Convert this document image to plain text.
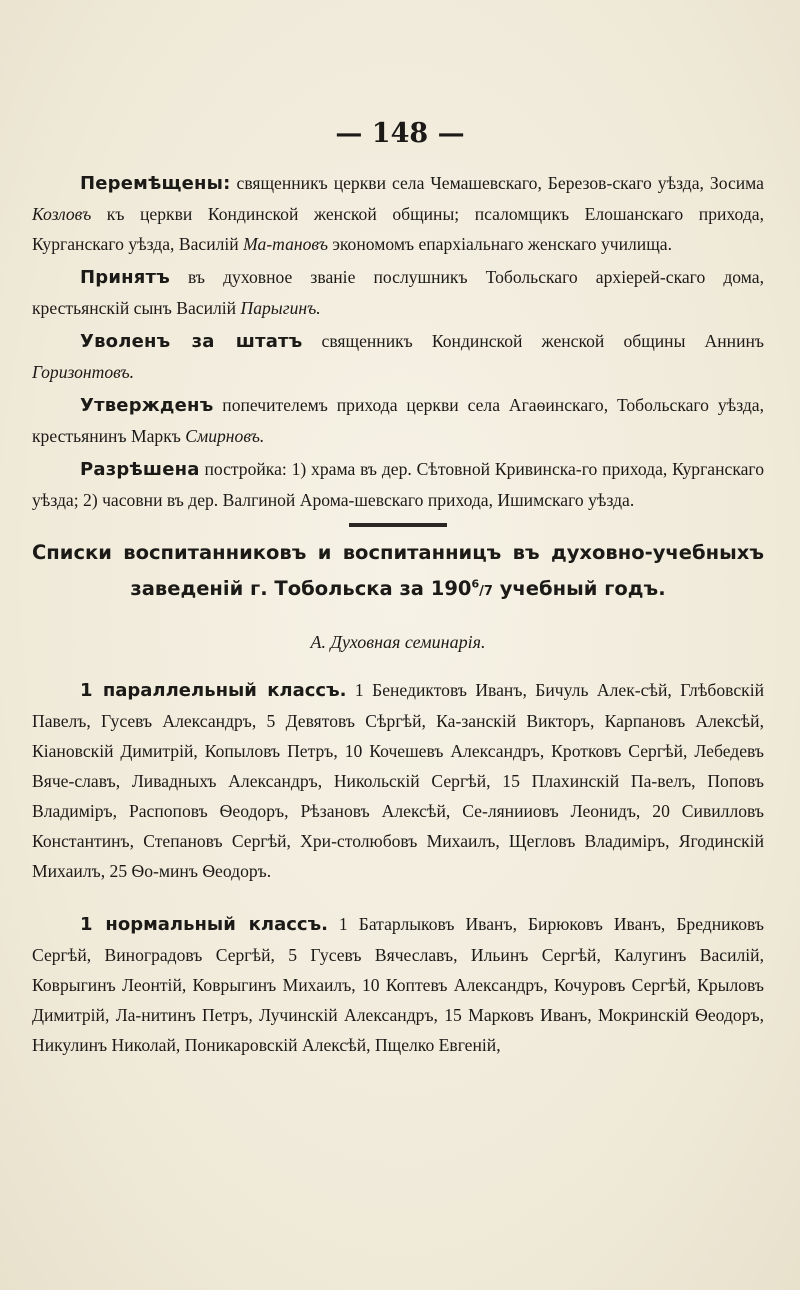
— 148 —

Перемѣщены: священникъ церкви села Чемашевскаго, Березов-скаго уѣзда, Зосима Козловъ къ церкви Кондинской женской общины; псаломщикъ Елошанскаго прихода, Курганскаго уѣзда, Василій Ма-тановъ экономомъ епархіальнаго женскаго училища.

Принятъ въ духовное званіе послушникъ Тобольскаго архіерей-скаго дома, крестьянскій сынъ Василій Парыгинъ.

Уволенъ за штатъ священникъ Кондинской женской общины Аннинъ Горизонтовъ.

Утвержденъ попечителемъ прихода церкви села Агаѳинскаго, Тобольскаго уѣзда, крестьянинъ Маркъ Смирновъ.

Разрѣшена постройка: 1) храма въ дер. Сѣтовной Кривинска-го прихода, Курганскаго уѣзда; 2) часовни въ дер. Валгиной Арома-шевскаго прихода, Ишимскаго уѣзда.

Списки воспитанниковъ и воспитанницъ въ духовно-учебныхъ
заведеній г. Тобольска за $190^6/7$ учебный годъ.
А. Духовная семинарія.

1 параллельный классъ. 1 Бенедиктовъ Иванъ, Бичуль Алек-сѣй, Глѣбовскій Павелъ, Гусевъ Александръ, 5 Девятовъ Сѣргѣй, Ка-занскій Викторъ, Карпановъ Алексѣй, Кіановскій Димитрій, Копыловъ Петръ, 10 Кочешевъ Александръ, Кротковъ Сергѣй, Лебедевъ Вяче-славъ, Ливадныхъ Александръ, Никольскій Сергѣй, 15 Плахинскій Па-велъ, Поповъ Владиміръ, Распоповъ Ѳеодоръ, Рѣзановъ Алексѣй, Се-лянииовъ Леонидъ, 20 Сивилловъ Константинъ, Степановъ Сергѣй, Хри-столюбовъ Михаилъ, Щегловъ Владиміръ, Ягодинскій Михаилъ, 25 Ѳо-минъ Ѳеодоръ.

1 нормальный классъ. 1 Батарлыковъ Иванъ, Бирюковъ Иванъ, Бредниковъ Сергѣй, Виноградовъ Сергѣй, 5 Гусевъ Вячеславъ, Ильинъ Сергѣй, Калугинъ Василій, Коврыгинъ Леонтій, Коврыгинъ Михаилъ, 10 Коптевъ Александръ, Кочуровъ Сергѣй, Крыловъ Димитрій, Ла-нитинъ Петръ, Лучинскій Александръ, 15 Марковъ Иванъ, Мокринскій Ѳеодоръ, Никулинъ Николай, Поникаровскій Алексѣй, Пщелко Евгеній,
